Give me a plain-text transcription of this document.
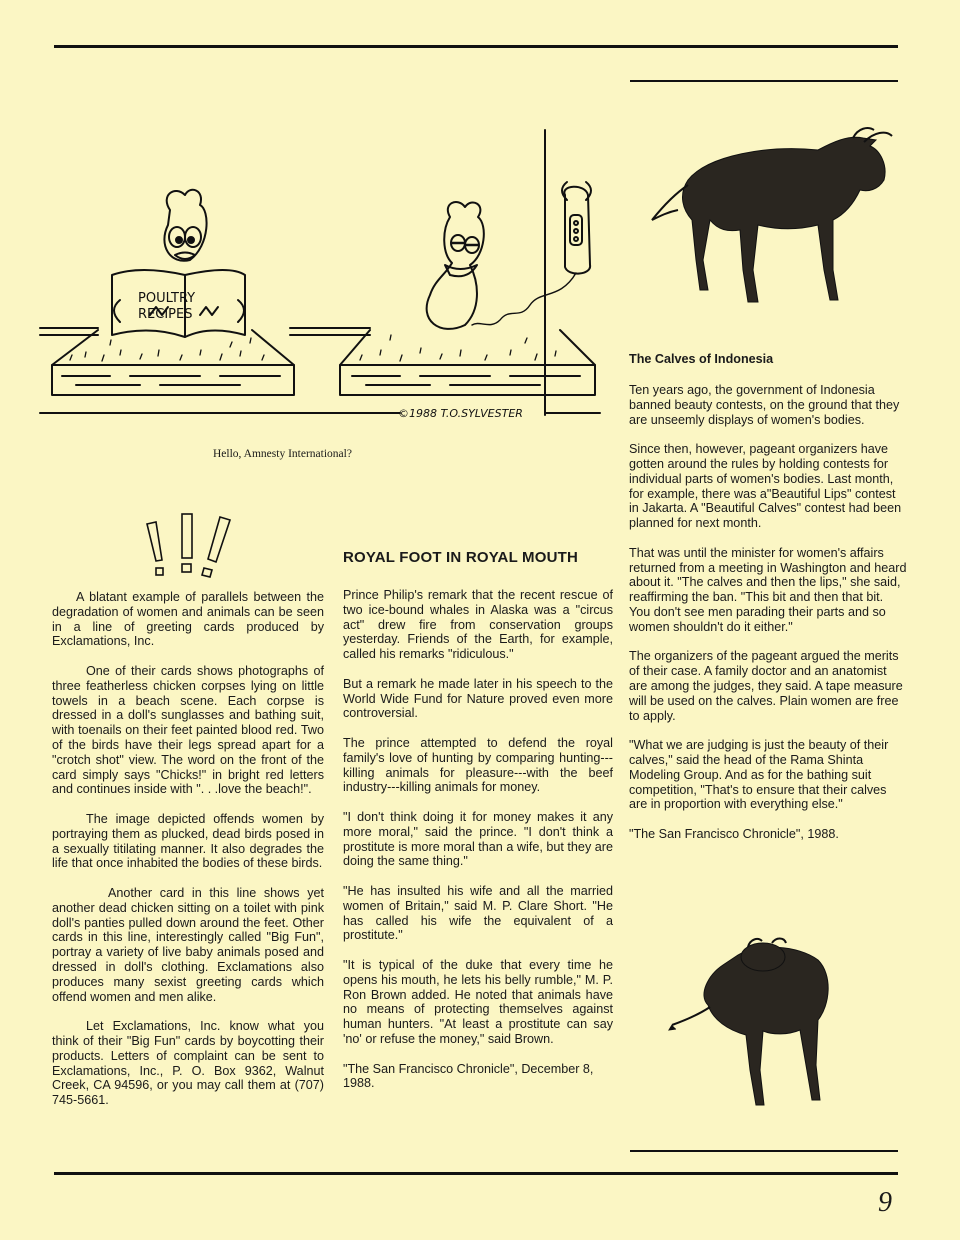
POULTRY
RECIPES
©1988 T.O.SYLVESTER
Hello, Amnesty International?

A blatant example of parallels between the degradation of women and animals can be seen in a line of greeting cards produced by Exclamations, Inc.

One of their cards shows photographs of three featherless chicken corpses lying on little towels in a beach scene. Each corpse is dressed in a doll's sunglasses and bathing suit, with toenails on their feet painted blood red. Two of the birds have their legs spread apart for a "crotch shot" view. The word on the front of the card simply says "Chicks!" in bright red letters and continues inside with ". . .love the beach!".

The image depicted offends women by portraying them as plucked, dead birds posed in a sexually titilating manner. It also degrades the life that once inhabited the bodies of these birds.

Another card in this line shows yet another dead chicken sitting on a toilet with pink doll's panties pulled down around the feet. Other cards in this line, interestingly called "Big Fun", portray a variety of live baby animals posed and dressed in doll's clothing. Exclamations also produces many sexist greeting cards which offend women and men alike.

Let Exclamations, Inc. know what you think of their "Big Fun" cards by boycotting their products. Letters of complaint can be sent to Exclamations, Inc., P. O. Box 9362, Walnut Creek, CA 94596, or you may call them at (707) 745-5661.

ROYAL FOOT IN ROYAL MOUTH

Prince Philip's remark that the recent rescue of two ice-bound whales in Alaska was a "circus act" drew fire from conservation groups yesterday. Friends of the Earth, for example, called his remarks "ridiculous."

But a remark he made later in his speech to the World Wide Fund for Nature proved even more controversial.

The prince attempted to defend the royal family's love of hunting by comparing hunting---killing animals for pleasure---with the beef industry---killing animals for money.

"I don't think doing it for money makes it any more moral," said the prince. "I don't think a prostitute is more moral than a wife, but they are doing the same thing."

"He has insulted his wife and all the married women of Britain," said M. P. Clare Short. "He has called his wife the equivalent of a prostitute."

"It is typical of the duke that every time he opens his mouth, he lets his belly rumble," M. P. Ron Brown added. He noted that animals have no means of protecting themselves against human hunters. "At least a prostitute can say 'no' or refuse the money," said Brown.

"The San Francisco Chronicle", December 8, 1988.

The Calves of Indonesia

Ten years ago, the government of Indonesia banned beauty contests, on the ground that they are unseemly displays of women's bodies.

Since then, however, pageant organizers have gotten around the rules by holding contests for individual parts of women's bodies. Last month, for example, there was a"Beautiful Lips" contest in Jakarta. A "Beautiful Calves" contest had been planned for next month.

That was until the minister for women's affairs returned from a meeting in Washington and heard about it. "The calves and then the lips," she said, reaffirming the ban. "This bit and then that bit. You don't see men parading their parts and so women shouldn't do it either."

The organizers of the pageant argued the merits of their case. A family doctor and an anatomist are among the judges, they said. A tape measure will be used on the calves. Plain women are free to apply.

"What we are judging is just the beauty of their calves," said the head of the Rama Shinta Modeling Group. And as for the bathing suit competition, "That's to ensure that their calves are in proportion with everything else."

"The San Francisco Chronicle", 1988.

9
